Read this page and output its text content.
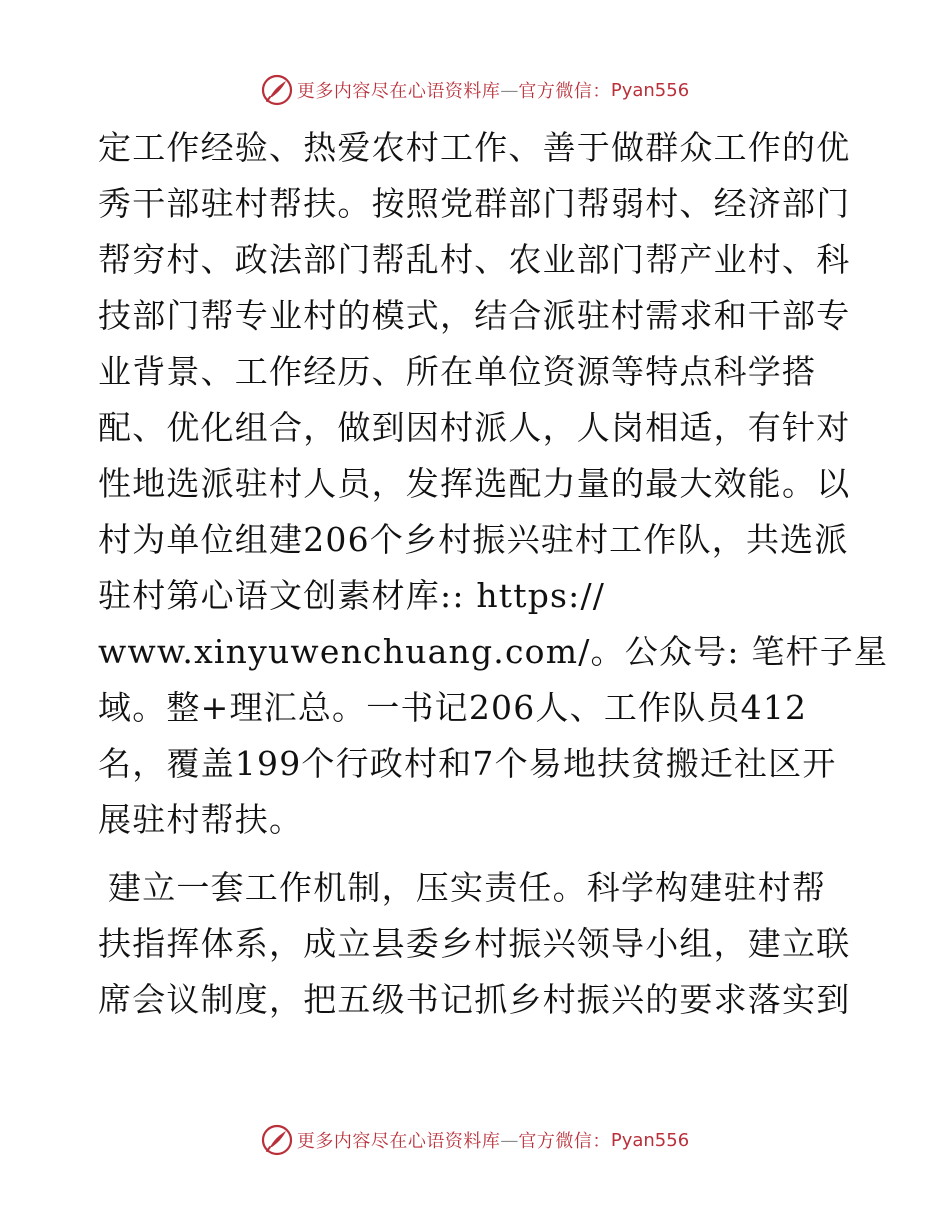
更多内容尽在心语资料库 — 官方微信： Pyan556
定工作经验、热爱农村工作、善于做群众工作的优
秀干部驻村帮扶。按照党群部门帮弱村、经济部门
帮穷村、政法部门帮乱村、农业部门帮产业村、科
技部门帮专业村的模式，结合派驻村需求和干部专
业背景、工作经历、所在单位资源等特点科学搭
配、优化组合，做到因村派人，人岗相适，有针对
性地选派驻村人员，发挥选配力量的最大效能。以
村为单位组建206个乡村振兴驻村工作队，共选派
驻村第心语文创素材库:: https://
www.xinyuwenchuang.com/。公众号: 笔杆子星
域。整+理汇总。一书记206人、工作队员412
名，覆盖199个行政村和7个易地扶贫搬迁社区开
展驻村帮扶。
建立一套工作机制，压实责任。科学构建驻村帮
扶指挥体系，成立县委乡村振兴领导小组，建立联
席会议制度，把五级书记抓乡村振兴的要求落实到
更多内容尽在心语资料库 — 官方微信： Pyan556
